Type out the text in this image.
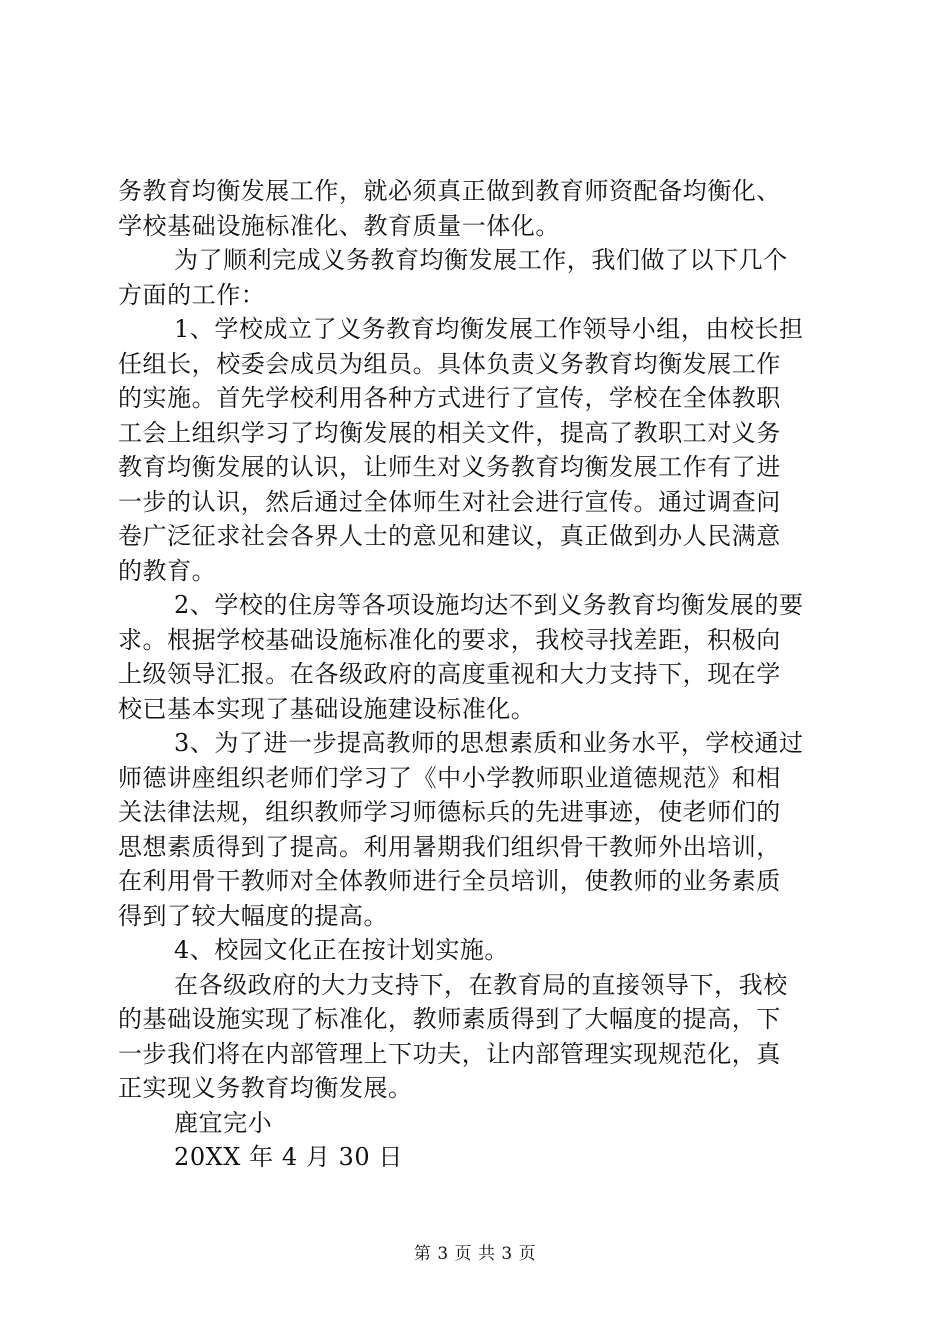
务教育均衡发展工作，就必须真正做到教育师资配备均衡化、
学校基础设施标准化、教育质量一体化。
为了顺利完成义务教育均衡发展工作，我们做了以下几个
方面的工作：
1、学校成立了义务教育均衡发展工作领导小组，由校长担
任组长，校委会成员为组员。具体负责义务教育均衡发展工作
的实施。首先学校利用各种方式进行了宣传，学校在全体教职
工会上组织学习了均衡发展的相关文件，提高了教职工对义务
教育均衡发展的认识，让师生对义务教育均衡发展工作有了进
一步的认识，然后通过全体师生对社会进行宣传。通过调查问
卷广泛征求社会各界人士的意见和建议，真正做到办人民满意
的教育。
2、学校的住房等各项设施均达不到义务教育均衡发展的要
求。根据学校基础设施标准化的要求，我校寻找差距，积极向
上级领导汇报。在各级政府的高度重视和大力支持下，现在学
校已基本实现了基础设施建设标准化。
3、为了进一步提高教师的思想素质和业务水平，学校通过
师德讲座组织老师们学习了《中小学教师职业道德规范》和相
关法律法规，组织教师学习师德标兵的先进事迹，使老师们的
思想素质得到了提高。利用暑期我们组织骨干教师外出培训，
在利用骨干教师对全体教师进行全员培训，使教师的业务素质
得到了较大幅度的提高。
4、校园文化正在按计划实施。
在各级政府的大力支持下，在教育局的直接领导下，我校
的基础设施实现了标准化，教师素质得到了大幅度的提高，下
一步我们将在内部管理上下功夫，让内部管理实现规范化，真
正实现义务教育均衡发展。
鹿宜完小
20XX 年 4 月 30 日
第 3 页 共 3 页
